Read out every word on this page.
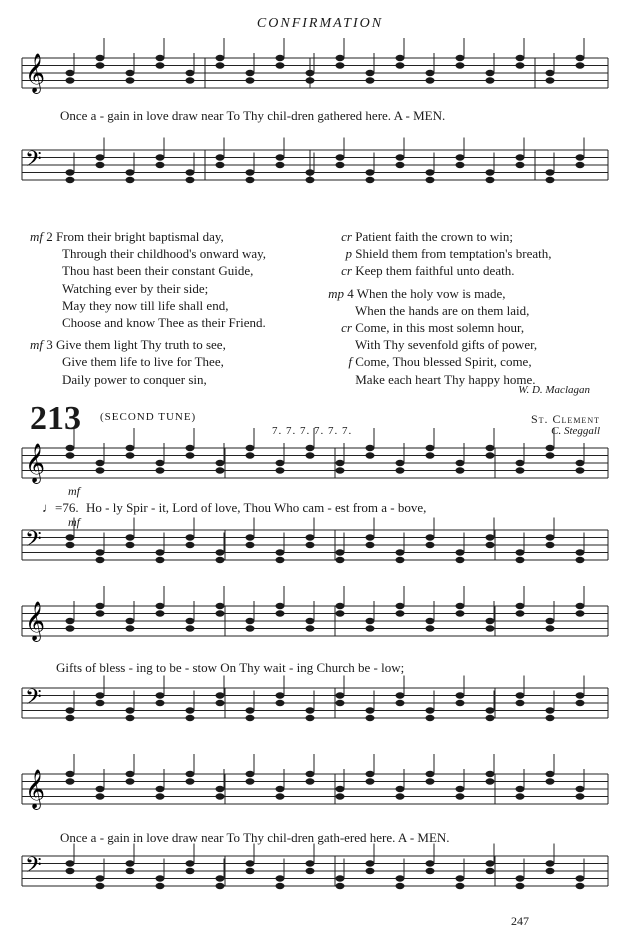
CONFIRMATION
𝄞
𝄢
𝄞
𝄢
𝄞
𝄢
𝄞
𝄢
Once a - gain in love draw near To Thy chil-dren gathered here. A - MEN.
mf 2 From their bright baptismal day,
Through their childhood's onward way,
Thou hast been their constant Guide,
Watching ever by their side;
May they now till life shall end,
Choose and know Thee as their Friend.
mf 3 Give them light Thy truth to see,
Give them life to live for Thee,
Daily power to conquer sin,
cr Patient faith the crown to win;
p Shield them from temptation's breath,
cr Keep them faithful unto death.
mp 4 When the holy vow is made,
When the hands are on them laid,
cr Come, in this most solemn hour,
With Thy sevenfold gifts of power,
f Come, Thou blessed Spirit, come,
Make each heart Thy happy home.
W. D. Maclagan
213 (SECOND TUNE)
7. 7. 7. 7. 7. 7.
St. Clement
C. Steggall
mf
mf
♩=76. Ho - ly Spir - it, Lord of love, Thou Who cam - est from a - bove,
Gifts of bless - ing to be - stow On Thy wait - ing Church be - low;
Once a - gain in love draw near To Thy chil-dren gath-ered here. A - MEN.
247
